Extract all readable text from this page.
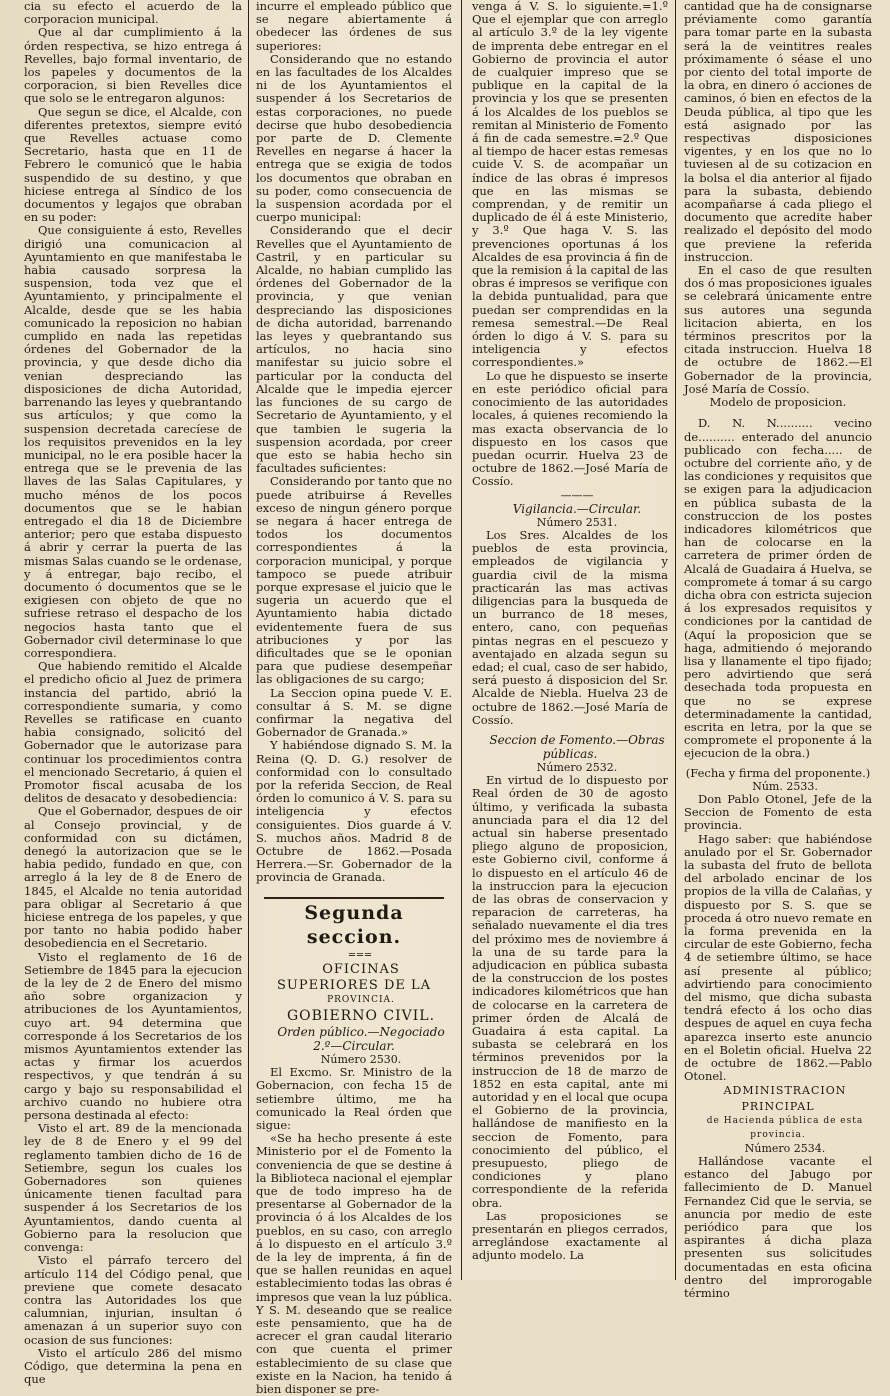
cia su efecto el acuerdo de la corporacion municipal.

Que al dar cumplimiento á la órden respectiva, se hizo entrega á Revelles, bajo formal inventario, de los papeles y documentos de la corporacion, si bien Revelles dice que solo se le entregaron algunos:

Que segun se dice, el Alcalde, con diferentes pretextos, siempre evitó que Revelles actuase como Secretario, hasta que en 11 de Febrero le comunicó que le habia suspendido de su destino, y que hiciese entrega al Síndico de los documentos y legajos que obraban en su poder:

Que consiguiente á esto, Revelles dirigió una comunicacion al Ayuntamiento en que manifestaba le habia causado sorpresa la suspension, toda vez que el Ayuntamiento, y principalmente el Alcalde, desde que se les habia comunicado la reposicion no habian cumplido en nada las repetidas órdenes del Gobernador de la provincia, y que desde dicho dia venian despreciando las disposiciones de dicha Autoridad, barrenando las leyes y quebrantando sus artículos; y que como la suspension decretada carecíese de los requisitos prevenidos en la ley municipal, no le era posible hacer la entrega que se le prevenia de las llaves de las Salas Capitulares, y mucho ménos de los pocos documentos que se le habian entregado el dia 18 de Diciembre anterior; pero que estaba dispuesto á abrir y cerrar la puerta de las mismas Salas cuando se le ordenase, y á entregar, bajo recibo, el documento ó documentos que se le exigiesen con objeto de que no sufriese retraso el despacho de los negocios hasta tanto que el Gobernador civil determinase lo que correspondiera.

Que habiendo remitido el Alcalde el predicho oficio al Juez de primera instancia del partido, abrió la correspondiente sumaria, y como Revelles se ratificase en cuanto habia consignado, solicitó del Gobernador que le autorizase para continuar los procedimientos contra el mencionado Secretario, á quien el Promotor fiscal acusaba de los delitos de desacato y desobediencia:

Que el Gobernador, despues de oir al Consejo provincial, y de conformidad con su dictámen, denegó la autorizacion que se le habia pedido, fundado en que, con arreglo á la ley de 8 de Enero de 1845, el Alcalde no tenia autoridad para obligar al Secretario á que hiciese entrega de los papeles, y que por tanto no habia podido haber desobediencia en el Secretario.

Visto el reglamento de 16 de Setiembre de 1845 para la ejecucion de la ley de 2 de Enero del mismo año sobre organizacion y atribuciones de los Ayuntamientos, cuyo art. 94 determina que corresponde á los Secretarios de los mismos Ayuntamientos extender las actas y firmar los acuerdos respectivos, y que tendrán á su cargo y bajo su responsabilidad el archivo cuando no hubiere otra persona destinada al efecto:

Visto el art. 89 de la mencionada ley de 8 de Enero y el 99 del reglamento tambien dicho de 16 de Setiembre, segun los cuales los Gobernadores son quienes únicamente tienen facultad para suspender á los Secretarios de los Ayuntamientos, dando cuenta al Gobierno para la resolucion que convenga:

Visto el párrafo tercero del artículo 114 del Código penal, que previene que comete desacato contra las Autoridades los que calumnian, injurian, insultan ó amenazan á un superior suyo con ocasion de sus funciones:

Visto el artículo 286 del mismo Código, que determina la pena en que

incurre el empleado público que se negare abiertamente á obedecer las órdenes de sus superiores:

Considerando que no estando en las facultades de los Alcaldes ni de los Ayuntamientos el suspender á los Secretarios de estas corporaciones, no puede decirse que hubo desobediencia por parte de D. Clemente Revelles en negarse á hacer la entrega que se exigia de todos los documentos que obraban en su poder, como consecuencia de la suspension acordada por el cuerpo municipal:

Considerando que el decir Revelles que el Ayuntamiento de Castril, y en particular su Alcalde, no habian cumplido las órdenes del Gobernador de la provincia, y que venian despreciando las disposiciones de dicha autoridad, barrenando las leyes y quebrantando sus artículos, no hacia sino manifestar su juicio sobre el particular por la conducta del Alcalde que le impedia ejercer las funciones de su cargo de Secretario de Ayuntamiento, y el que tambien le sugeria la suspension acordada, por creer que esto se habia hecho sin facultades suficientes:

Considerando por tanto que no puede atribuirse á Revelles exceso de ningun género porque se negara á hacer entrega de todos los documentos correspondientes á la corporacion municipal, y porque tampoco se puede atribuir porque expresase el juicio que le sugeria un acuerdo que el Ayuntamiento habia dictado evidentemente fuera de sus atribuciones y por las dificultades que se le oponian para que pudiese desempeñar las obligaciones de su cargo;

La Seccion opina puede V. E. consultar á S. M. se digne confirmar la negativa del Gobernador de Granada.»

Y habiéndose dignado S. M. la Reina (Q. D. G.) resolver de conformidad con lo consultado por la referida Seccion, de Real órden lo comunico á V. S. para su inteligencia y efectos consiguientes. Dios guarde á V. S. muchos años. Madrid 8 de Octubre de 1862.—Posada Herrera.—Sr. Gobernador de la provincia de Granada.

Segunda seccion.

═══

OFICINAS SUPERIORES DE LA

PROVINCIA.

GOBIERNO CIVIL.

Orden público.—Negociado 2.º—Circular.

Número 2530.

El Excmo. Sr. Ministro de la Gobernacion, con fecha 15 de setiembre último, me ha comunicado la Real órden que sigue:

«Se ha hecho presente á este Ministerio por el de Fomento la conveniencia de que se destine á la Biblioteca nacional el ejemplar que de todo impreso ha de presentarse al Gobernador de la provincia ó á los Alcaldes de los pueblos, en su caso, con arreglo á lo dispuesto en el artículo 3.º de la ley de imprenta, á fin de que se hallen reunidas en aquel establecimiento todas las obras é impresos que vean la luz pública. Y S. M. deseando que se realice este pensamiento, que ha de acrecer el gran caudal literario con que cuenta el primer establecimiento de su clase que existe en la Nacion, ha tenido á bien disponer se pre-

venga á V. S. lo siguiente.=1.º Que el ejemplar que con arreglo al artículo 3.º de la ley vigente de imprenta debe entregar en el Gobierno de provincia el autor de cualquier impreso que se publique en la capital de la provincia y los que se presenten á los Alcaldes de los pueblos se remitan al Ministerio de Fomento á fin de cada semestre.=2.º Que al tiempo de hacer estas remesas cuide V. S. de acompañar un índice de las obras é impresos que en las mismas se comprendan, y de remitir un duplicado de él á este Ministerio, y 3.º Que haga V. S. las prevenciones oportunas á los Alcaldes de esa provincia á fin de que la remision á la capital de las obras é impresos se verifique con la debida puntualidad, para que puedan ser comprendidas en la remesa semestral.—De Real órden lo digo á V. S. para su inteligencia y efectos correspondientes.»

Lo que he dispuesto se inserte en este periódico oficial para conocimiento de las autoridades locales, á quienes recomiendo la mas exacta observancia de lo dispuesto en los casos que puedan ocurrir. Huelva 23 de octubre de 1862.—José María de Cossío.

———

Vigilancia.—Circular.

Número 2531.

Los Sres. Alcaldes de los pueblos de esta provincia, empleados de vigilancia y guardia civil de la misma practicarán las mas activas diligencias para la busqueda de un burranco de 18 meses, entero, cano, con pequeñas pintas negras en el pescuezo y aventajado en alzada segun su edad; el cual, caso de ser habido, será puesto á disposicion del Sr. Alcalde de Niebla. Huelva 23 de octubre de 1862.—José María de Cossío.

Seccion de Fomento.—Obras públicas.

Número 2532.

En virtud de lo dispuesto por Real órden de 30 de agosto último, y verificada la subasta anunciada para el dia 12 del actual sin haberse presentado pliego alguno de proposicion, este Gobierno civil, conforme á lo dispuesto en el artículo 46 de la instruccion para la ejecucion de las obras de conservacion y reparacion de carreteras, ha señalado nuevamente el dia tres del próximo mes de noviembre á la una de su tarde para la adjudicacion en pública subasta de la construccion de los postes indicadores kilométricos que han de colocarse en la carretera de primer órden de Alcalá de Guadaira á esta capital. La subasta se celebrará en los términos prevenidos por la instruccion de 18 de marzo de 1852 en esta capital, ante mi autoridad y en el local que ocupa el Gobierno de la provincia, hallándose de manifiesto en la seccion de Fomento, para conocimiento del público, el presupuesto, pliego de condiciones y plano correspondiente de la referida obra.

Las proposiciones se presentarán en pliegos cerrados, arreglándose exactamente al adjunto modelo. La

cantidad que ha de consignarse préviamente como garantía para tomar parte en la subasta será la de veintitres reales próximamente ó séase el uno por ciento del total importe de la obra, en dinero ó acciones de caminos, ó bien en efectos de la Deuda pública, al tipo que les está asignado por las respectivas disposiciones vigentes, y en los que no lo tuviesen al de su cotizacion en la bolsa el dia anterior al fijado para la subasta, debiendo acompañarse á cada pliego el documento que acredite haber realizado el depósito del modo que previene la referida instruccion.

En el caso de que resulten dos ó mas proposiciones iguales se celebrará únicamente entre sus autores una segunda licitacion abierta, en los términos prescritos por la citada instruccion. Huelva 18 de octubre de 1862.—El Gobernador de la provincia, José María de Cossío.

Modelo de proposicion.

D. N. N.......... vecino de.......... enterado del anuncio publicado con fecha..... de octubre del corriente año, y de las condiciones y requisitos que se exigen para la adjudicacion en pública subasta de la construccion de los postes indicadores kilométricos que han de colocarse en la carretera de primer órden de Alcalá de Guadaira á Huelva, se compromete á tomar á su cargo dicha obra con estricta sujecion á los expresados requisitos y condiciones por la cantidad de (Aquí la proposicion que se haga, admitiendo ó mejorando lisa y llanamente el tipo fijado; pero advirtiendo que será desechada toda propuesta en que no se exprese determinadamente la cantidad, escrita en letra, por la que se compromete el proponente á la ejecucion de la obra.)

(Fecha y firma del proponente.)

Núm. 2533.

Don Pablo Otonel, Jefe de la Seccion de Fomento de esta provincia.

Hago saber: que habiéndose anulado por el Sr. Gobernador la subasta del fruto de bellota del arbolado encinar de los propios de la villa de Calañas, y dispuesto por S. S. que se proceda á otro nuevo remate en la forma prevenida en la circular de este Gobierno, fecha 4 de setiembre último, se hace así presente al público; advirtiendo para conocimiento del mismo, que dicha subasta tendrá efecto á los ocho dias despues de aquel en cuya fecha aparezca inserto este anuncio en el Boletin oficial. Huelva 22 de octubre de 1862.—Pablo Otonel.

ADMINISTRACION PRINCIPAL

de Hacienda pública de esta provincia.

Número 2534.

Hallándose vacante el estanco del Jabugo por fallecimiento de D. Manuel Fernandez Cid que le servia, se anuncia por medio de este periódico para que los aspirantes á dicha plaza presenten sus solicitudes documentadas en esta oficina dentro del improrogable término
